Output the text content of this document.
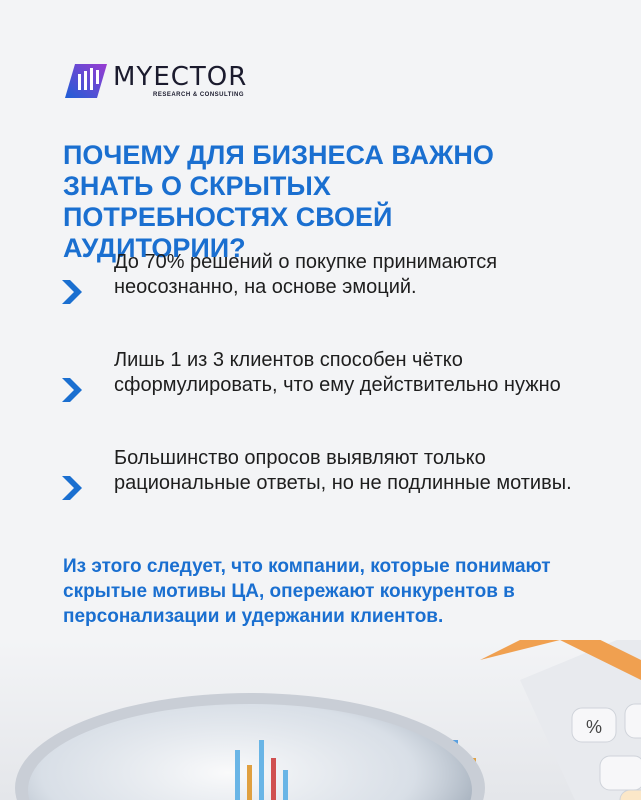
MYECTOR
RESEARCH & CONSULTING
ПОЧЕМУ ДЛЯ БИЗНЕСА ВАЖНО ЗНАТЬ О СКРЫТЫХ ПОТРЕБНОСТЯХ СВОЕЙ АУДИТОРИИ?

До 70% решений о покупке принимаются неосознанно, на основе эмоций.

Лишь 1 из 3 клиентов способен чётко сформулировать, что ему действительно нужно

Большинство опросов выявляют только рациональные ответы, но не подлинные мотивы.

Из этого следует, что компании, которые понимают скрытые мотивы ЦА, опережают конкурентов в персонализации и удержании клиентов.

%
